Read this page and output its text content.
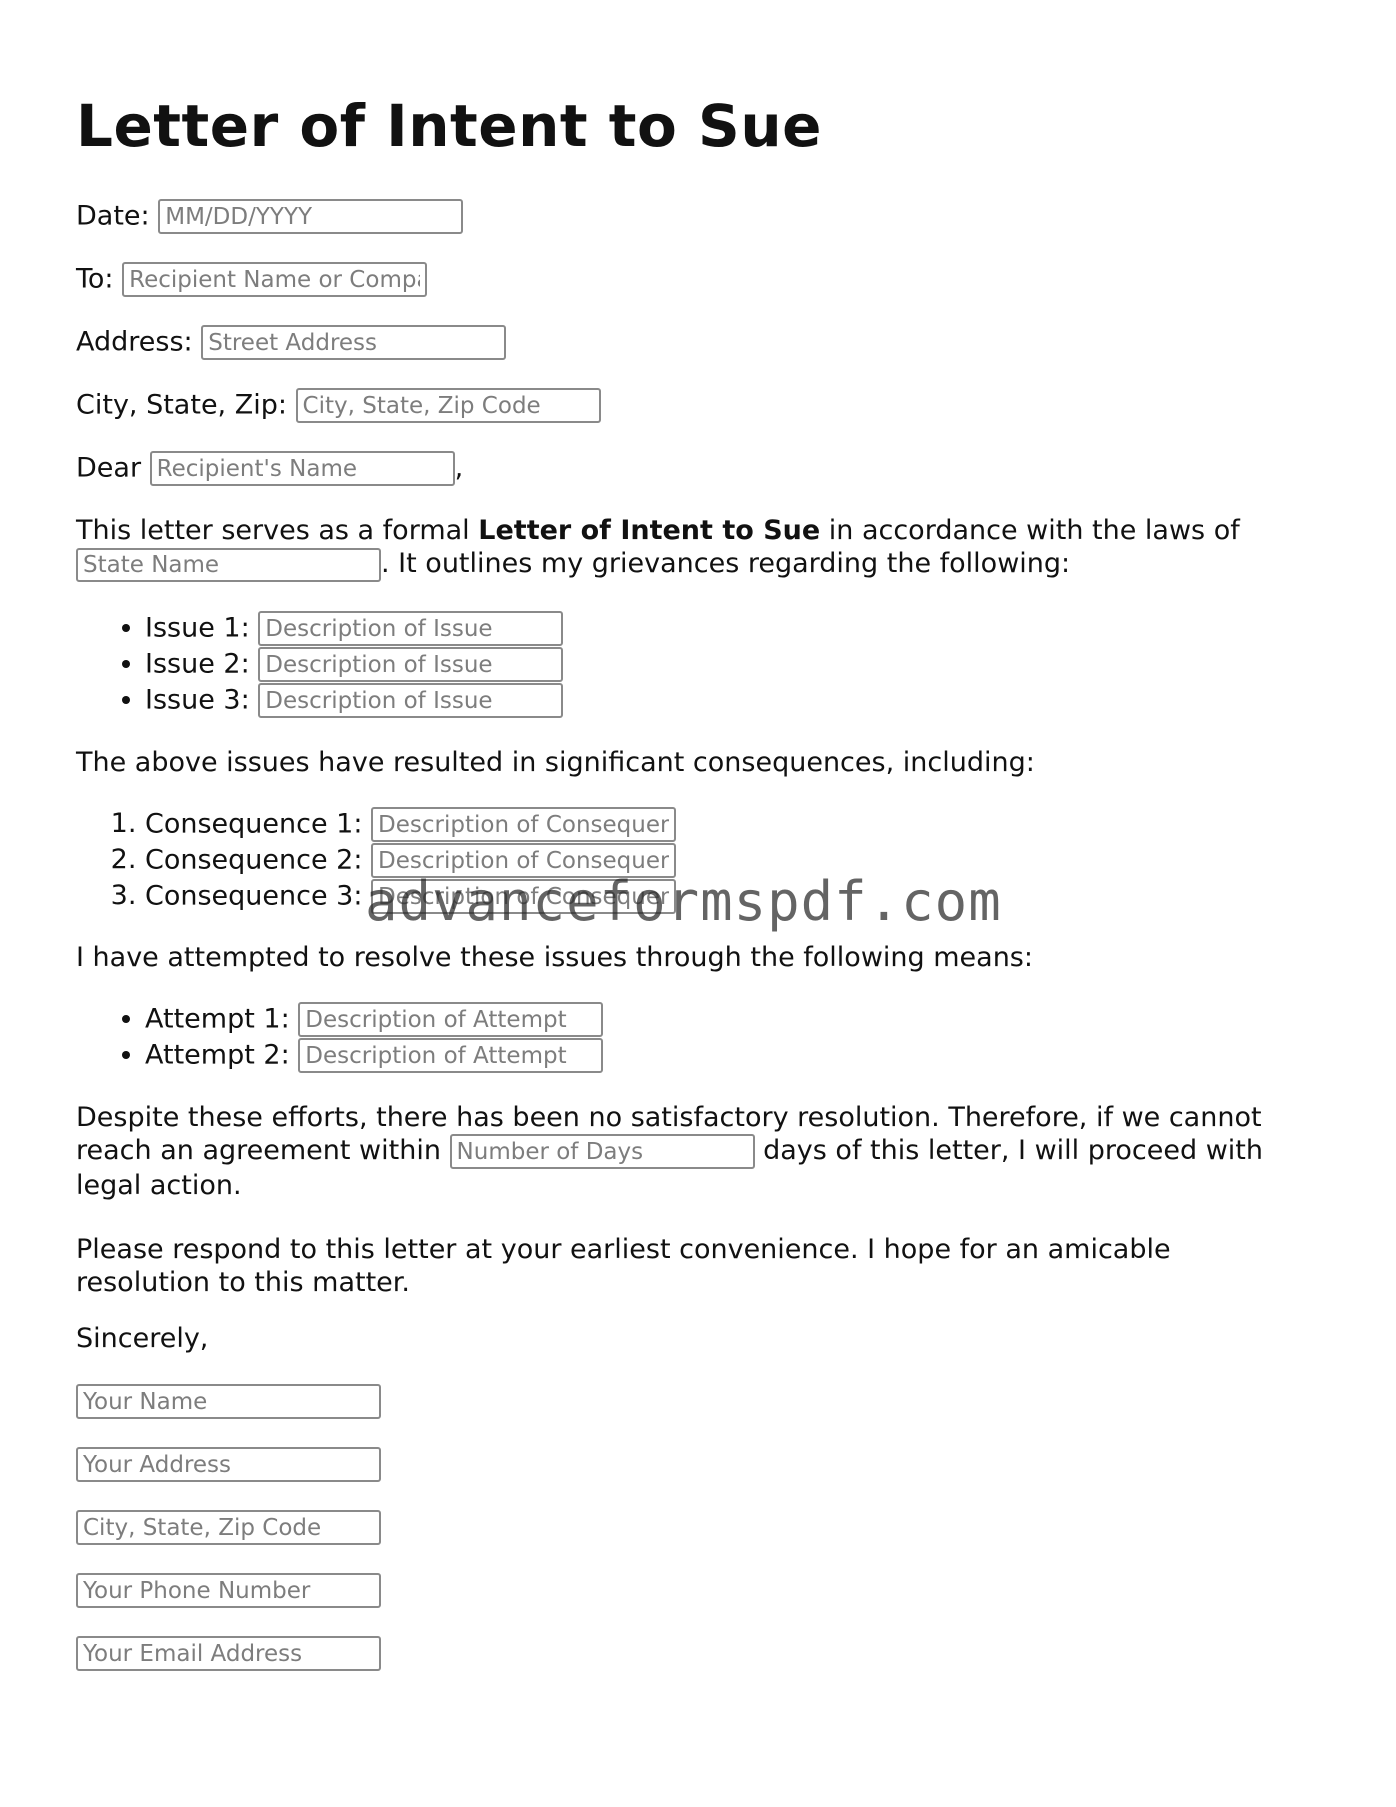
Letter of Intent to Sue
Date: MM/DD/YYYY
To: Recipient Name or Company
Address: Street Address
City, State, Zip: City, State, Zip Code
Dear Recipient's Name	,
This letter serves as a formal Letter of Intent to Sue in accordance with the laws of
State Name. It outlines my grievances regarding the following:
• Issue 1: Description of Issue
• Issue 2: Description of Issue
• Issue 3: Description of Issue
The above issues have resulted in significant consequences, including:
1. Consequence 1: Description of Consequence
2. Consequence 2: Description of Consequence
3. Consequence 3: Description of Consequence
I have attempted to resolve these issues through the following means:
• Attempt 1: Description of Attempt
• Attempt 2: Description of Attempt
Despite these efforts, there has been no satisfactory resolution. Therefore, if we cannot reach an agreement within Number of Days	days of this letter, I will proceed with legal action.
Please respond to this letter at your earliest convenience. I hope for an amicable resolution to this matter.
Sincerely,
Your Name
Your Address
City, State, Zip Code
Your Phone Number
Your Email Address
advanceformspdf.com
